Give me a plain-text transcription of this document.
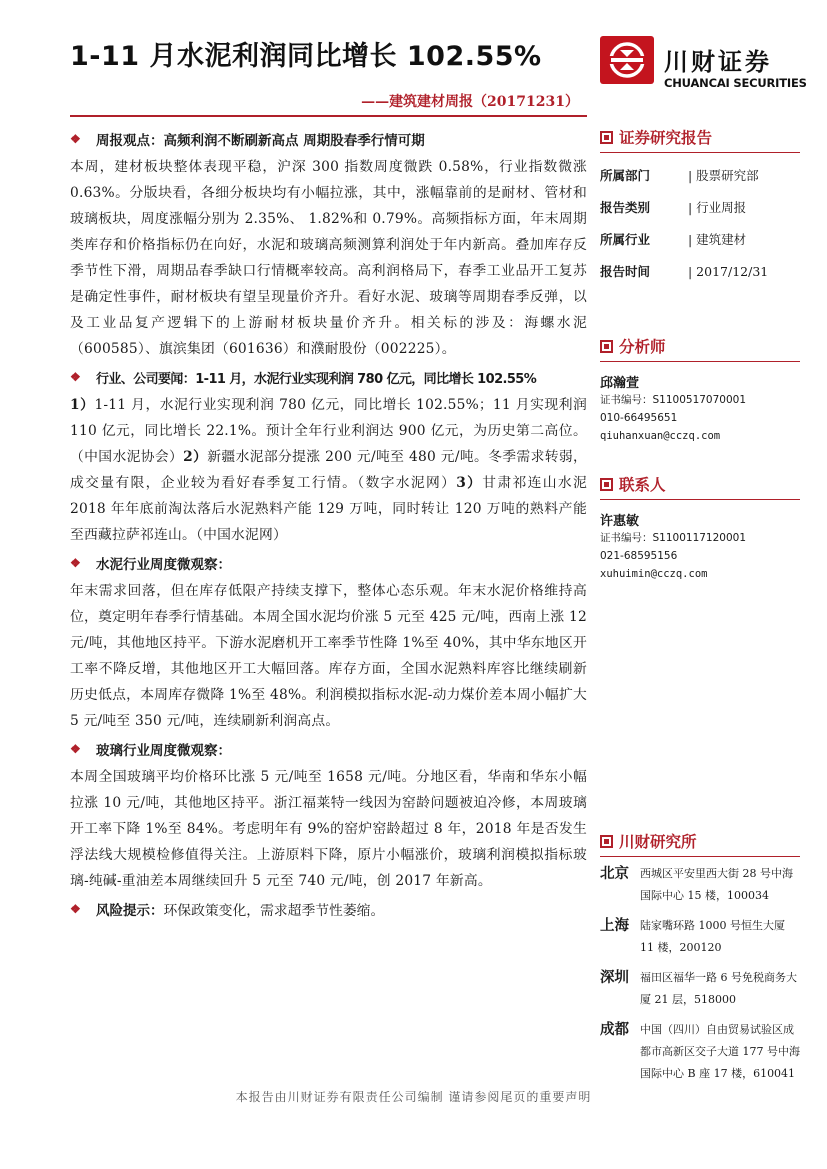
1-11 月水泥利润同比增长 102.55%
——建筑建材周报（20171231）
川财证券
CHUANCAI SECURITIES
❖	周报观点：高频利润不断刷新高点 周期股春季行情可期

本周，建材板块整体表现平稳，沪深 300 指数周度微跌 0.58%，行业指数微涨 0.63%。分版块看，各细分板块均有小幅拉涨，其中，涨幅靠前的是耐材、管材和玻璃板块，周度涨幅分别为 2.35%、 1.82%和 0.79%。高频指标方面，年末周期类库存和价格指标仍在向好，水泥和玻璃高频测算利润处于年内新高。叠加库存反季节性下滑，周期品春季缺口行情概率较高。高利润格局下，春季工业品开工复苏是确定性事件，耐材板块有望呈现量价齐升。看好水泥、玻璃等周期春季反弹，以及工业品复产逻辑下的上游耐材板块量价齐升。相关标的涉及：海螺水泥（600585）、旗滨集团（601636）和濮耐股份（002225）。

❖	行业、公司要闻：1-11 月，水泥行业实现利润 780 亿元，同比增长 102.55%

1）1-11 月，水泥行业实现利润 780 亿元，同比增长 102.55%；11 月实现利润 110 亿元，同比增长 22.1%。预计全年行业利润达 900 亿元，为历史第二高位。（中国水泥协会）2）新疆水泥部分提涨 200 元/吨至 480 元/吨。冬季需求转弱，成交量有限，企业较为看好春季复工行情。（数字水泥网）3）甘肃祁连山水泥 2018 年年底前淘汰落后水泥熟料产能 129 万吨，同时转让 120 万吨的熟料产能至西藏拉萨祁连山。（中国水泥网）

❖	水泥行业周度微观察：

年末需求回落，但在库存低限产持续支撑下，整体心态乐观。年末水泥价格维持高位，奠定明年春季行情基础。本周全国水泥均价涨 5 元至 425 元/吨，西南上涨 12 元/吨，其他地区持平。下游水泥磨机开工率季节性降 1%至 40%，其中华东地区开工率不降反增，其他地区开工大幅回落。库存方面，全国水泥熟料库容比继续刷新历史低点，本周库存微降 1%至 48%。利润模拟指标水泥-动力煤价差本周小幅扩大 5 元/吨至 350 元/吨，连续刷新利润高点。

❖	玻璃行业周度微观察：

本周全国玻璃平均价格环比涨 5 元/吨至 1658 元/吨。分地区看，华南和华东小幅拉涨 10 元/吨，其他地区持平。浙江福莱特一线因为窑龄问题被迫冷修，本周玻璃开工率下降 1%至 84%。考虑明年有 9%的窑炉窑龄超过 8 年，2018 年是否发生浮法线大规模检修值得关注。上游原料下降，原片小幅涨价，玻璃利润模拟指标玻璃-纯碱-重油差本周继续回升 5 元至 740 元/吨，创 2017 年新高。

❖	风险提示： 环保政策变化，需求超季节性萎缩。
证券研究报告
所属部门	| 股票研究部
报告类别	| 行业周报
所属行业	| 建筑建材
报告时间	| 2017/12/31
分析师
邱瀚萱
证书编号：S1100517070001
010-66495651
qiuhanxuan@cczq.com
联系人
许惠敏
证书编号：S1100117120001
021-68595156
xuhuimin@cczq.com
川财研究所
北京	西城区平安里西大街 28 号中海国际中心 15 楼，100034
上海	陆家嘴环路 1000 号恒生大厦 11 楼，200120
深圳	福田区福华一路 6 号免税商务大厦 21 层，518000
成都	中国（四川）自由贸易试验区成都市高新区交子大道 177 号中海国际中心 B 座 17 楼，610041
本报告由川财证券有限责任公司编制 谨请参阅尾页的重要声明
